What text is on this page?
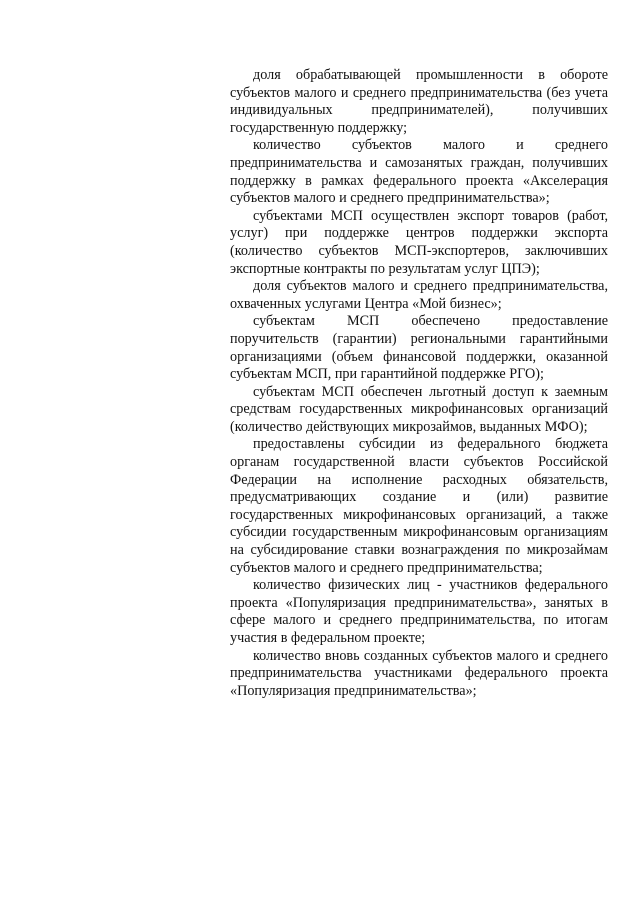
доля обрабатывающей промышленности в обороте субъектов малого и среднего предпринимательства (без учета индивидуальных предпринимателей), получивших государственную поддержку;

количество субъектов малого и среднего предпринимательства и самозанятых граждан, получивших поддержку в рамках федерального проекта «Акселерация субъектов малого и среднего предпринимательства»;

субъектами МСП осуществлен экспорт товаров (работ, услуг) при поддержке центров поддержки экспорта (количество субъектов МСП-экспортеров, заключивших экспортные контракты по результатам услуг ЦПЭ);

доля субъектов малого и среднего предпринимательства, охваченных услугами Центра «Мой бизнес»;

субъектам МСП обеспечено предоставление поручительств (гарантии) региональными гарантийными организациями (объем финансовой поддержки, оказанной субъектам МСП, при гарантийной поддержке РГО);

субъектам МСП обеспечен льготный доступ к заемным средствам государственных микрофинансовых организаций (количество действующих микрозаймов, выданных МФО);

предоставлены субсидии из федерального бюджета органам государственной власти субъектов Российской Федерации на исполнение расходных обязательств, предусматривающих создание и (или) развитие государственных микрофинансовых организаций, а также субсидии государственным микрофинансовым организациям на субсидирование ставки вознаграждения по микрозаймам субъектов малого и среднего предпринимательства;

количество физических лиц - участников федерального проекта «Популяризация предпринимательства», занятых в сфере малого и среднего предпринимательства, по итогам участия в федеральном проекте;

количество вновь созданных субъектов малого и среднего предпринимательства участниками федерального проекта «Популяризация предпринимательства»;
